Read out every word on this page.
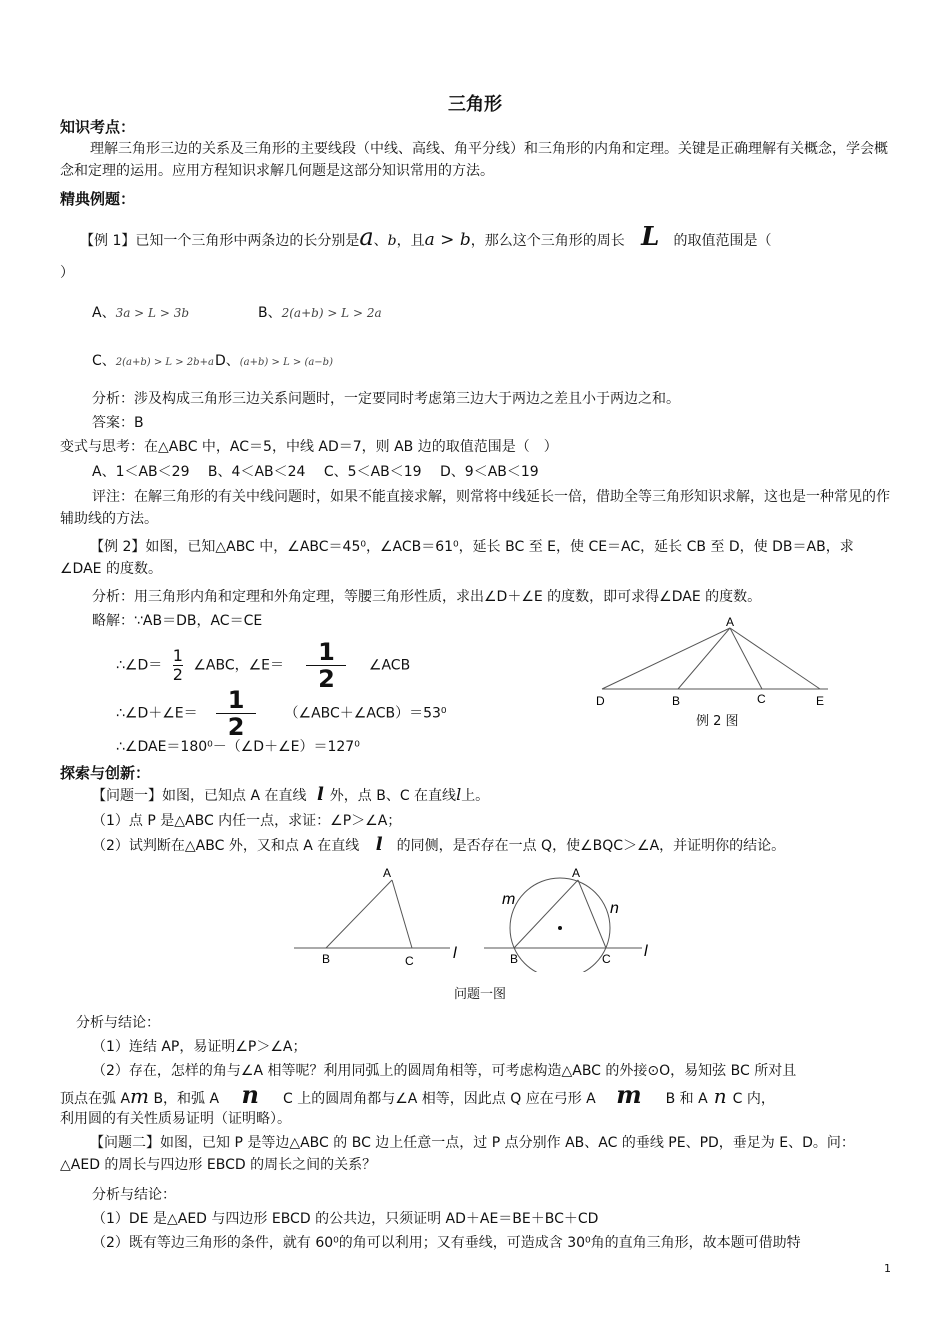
三角形
知识考点：
理解三角形三边的关系及三角形的主要线段（中线、高线、角平分线）和三角形的内角和定理。关键是正确理解有关概念，学会概念和定理的运用。应用方程知识求解几何题是这部分知识常用的方法。
精典例题：
【例 1】已知一个三角形中两条边的长分别是a、b，且a > b，那么这个三角形的周长 L 的取值范围是（
）
A、3a > L > 3b	B、2(a+b) > L > 2a
C、2(a+b) > L > 2b+a D、(a+b) > L > (a−b)
分析：涉及构成三角形三边关系问题时，一定要同时考虑第三边大于两边之差且小于两边之和。
答案：B
变式与思考：在△ABC 中，AC＝5，中线 AD＝7，则 AB 边的取值范围是（　）
A、1＜AB＜29　 B、4＜AB＜24　 C、5＜AB＜19　 D、9＜AB＜19
评注：在解三角形的有关中线问题时，如果不能直接求解，则常将中线延长一倍，借助全等三角形知识求解，这也是一种常见的作辅助线的方法。
【例 2】如图，已知△ABC 中，∠ABC＝45⁰，∠ACB＝61⁰，延长 BC 至 E，使 CE＝AC，延长 CB 至 D，使 DB＝AB，求∠DAE 的度数。
分析：用三角形内角和定理和外角定理，等腰三角形性质，求出∠D＋∠E 的度数，即可求得∠DAE 的度数。
略解：∵AB＝DB，AC＝CE
∴∠D＝ $\frac{1}{2}$ ∠ABC，∠E＝ $\frac{1}{2}$ ∠ACB
∴∠D＋∠E＝ $\frac{1}{2}$ （∠ABC＋∠ACB）＝53⁰
∴∠DAE＝180⁰－（∠D＋∠E）＝127⁰
A
D	B	C	E
例 2 图
探索与创新：
【问题一】如图，已知点 A 在直线 l 外，点 B、C 在直线l上。
（1）点 P 是△ABC 内任一点，求证：∠P＞∠A；
（2）试判断在△ABC 外，又和点 A 在直线 l 的同侧，是否存在一点 Q，使∠BQC＞∠A，并证明你的结论。
A
B	C l
A
B	C
m
n
l
问题一图
分析与结论：
（1）连结 AP，易证明∠P＞∠A；
（2）存在，怎样的角与∠A 相等呢？利用同弧上的圆周角相等，可考虑构造△ABC 的外接⊙O，易知弦 BC 所对且
顶点在弧 Am B，和弧 A n C 上的圆周角都与∠A 相等，因此点 Q 应在弓形 A m B 和 A n C 内，
利用圆的有关性质易证明（证明略）。
【问题二】如图，已知 P 是等边△ABC 的 BC 边上任意一点，过 P 点分别作 AB、AC 的垂线 PE、PD，垂足为 E、D。问：△AED 的周长与四边形 EBCD 的周长之间的关系？
分析与结论：
（1）DE 是△AED 与四边形 EBCD 的公共边，只须证明 AD＋AE＝BE＋BC＋CD
（2）既有等边三角形的条件，就有 60⁰的角可以利用；又有垂线，可造成含 30⁰角的直角三角形，故本题可借助特
1
